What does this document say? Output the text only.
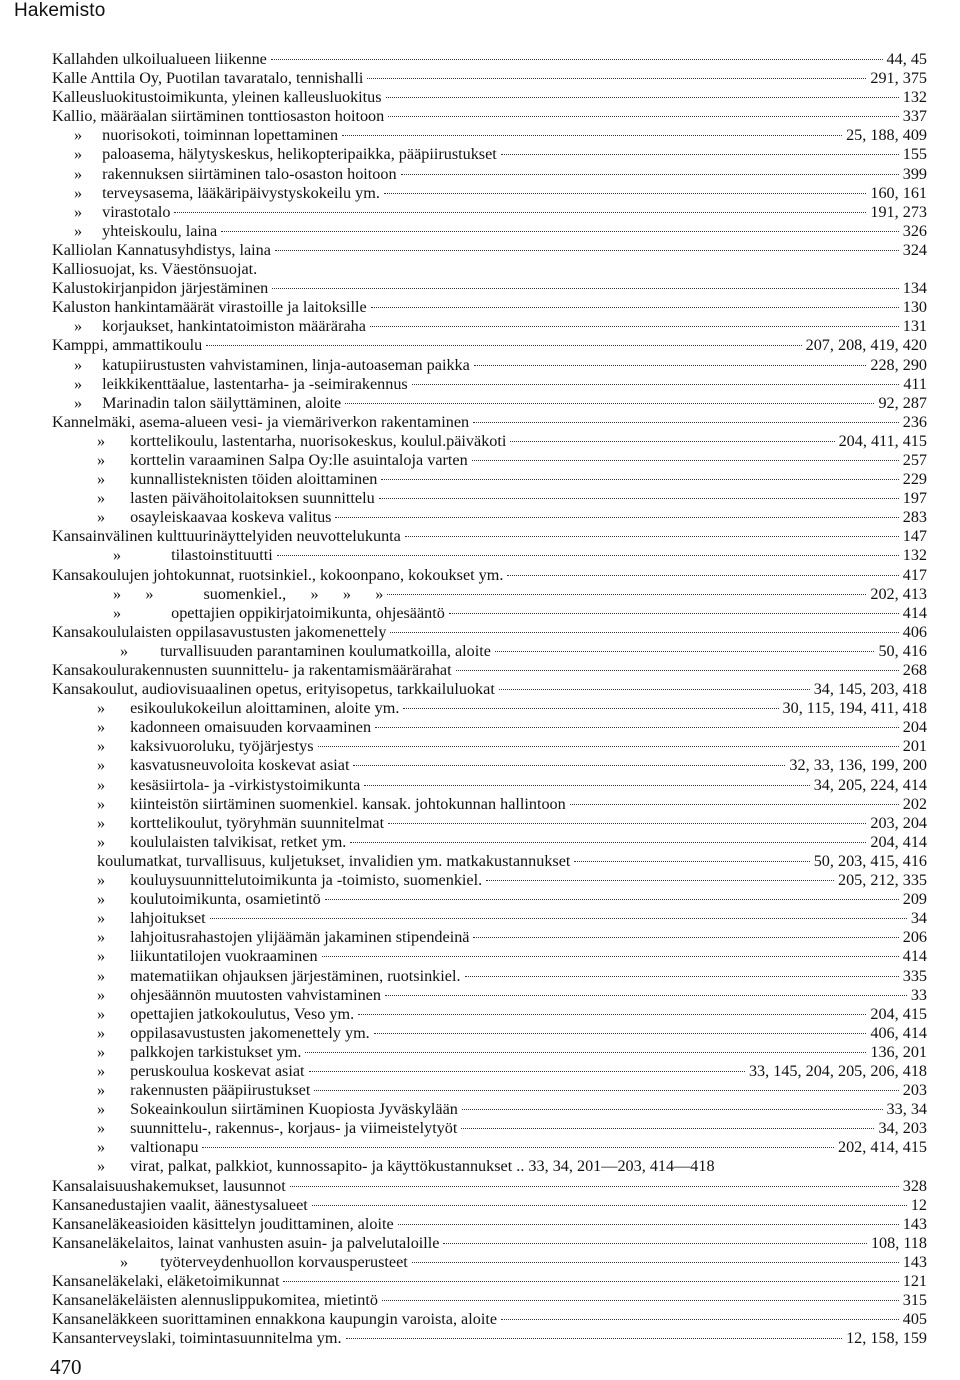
Hakemisto
Kallahden ulkoilualueen liikenne	44, 45
Kalle Anttila Oy, Puotilan tavaratalo, tennishalli	291, 375
Kalleusluokitustoimikunta, yleinen kalleusluokitus	132
Kallio, määräalan siirtäminen tonttiosaston hoitoon	337
» nuorisokoti, toiminnan lopettaminen	25, 188, 409
» paloasema, hälytyskeskus, helikopteripaikka, pääpiirustukset	155
» rakennuksen siirtäminen talo-osaston hoitoon	399
» terveysasema, lääkäripäivystyskokeilu ym.	160, 161
» virastotalo	191, 273
» yhteiskoulu, laina	326
Kalliolan Kannatusyhdistys, laina	324
Kalliosuojat, ks. Väestönsuojat.
Kalustokirjanpidon järjestäminen	134
Kaluston hankintamäärät virastoille ja laitoksille	130
» korjaukset, hankintatoimiston määräraha	131
Kamppi, ammattikoulu	207, 208, 419, 420
» katupiirustusten vahvistaminen, linja-autoaseman paikka	228, 290
» leikkikenttäalue, lastentarha- ja -seimirakennus	411
» Marinadin talon säilyttäminen, aloite	92, 287
Kannelmäki, asema-alueen vesi- ja viemäriverkon rakentaminen	236
» korttelikoulu, lastentarha, nuorisokeskus, koulul.päiväkoti	204, 411, 415
» korttelin varaaminen Salpa Oy:lle asuintaloja varten	257
» kunnallisteknisten töiden aloittaminen	229
» lasten päivähoitolaitoksen suunnittelu	197
» osayleiskaavaa koskeva valitus	283
Kansainvälinen kulttuurinäyttelyiden neuvottelukunta	147
»	tilastoinstituutti	132
Kansakoulujen johtokunnat, ruotsinkiel., kokoonpano, kokoukset ym.	417
»      »	suomenkiel.,      »      »      »	202, 413
»	opettajien oppikirjatoimikunta, ohjesääntö	414
Kansakoululaisten oppilasavustusten jakomenettely	406
» turvallisuuden parantaminen koulumatkoilla, aloite	50, 416
Kansakoulurakennusten suunnittelu- ja rakentamismäärärahat	268
Kansakoulut, audiovisuaalinen opetus, erityisopetus, tarkkailuluokat	34, 145, 203, 418
» esikoulukokeilun aloittaminen, aloite ym.	30, 115, 194, 411, 418
» kadonneen omaisuuden korvaaminen	204
» kaksivuoroluku, työjärjestys	201
» kasvatusneuvoloita koskevat asiat	32, 33, 136, 199, 200
» kesäsiirtola- ja -virkistystoimikunta	34, 205, 224, 414
» kiinteistön siirtäminen suomenkiel. kansak. johtokunnan hallintoon	202
» korttelikoulut, työryhmän suunnitelmat	203, 204
» koululaisten talvikisat, retket ym.	204, 414
koulumatkat, turvallisuus, kuljetukset, invalidien ym. matkakustannukset	50, 203, 415, 416
» kouluysuunnittelutoimikunta ja -toimisto, suomenkiel.	205, 212, 335
» koulutoimikunta, osamietintö	209
» lahjoitukset	34
» lahjoitusrahastojen ylijäämän jakaminen stipendeinä	206
» liikuntatilojen vuokraaminen	414
» matematiikan ohjauksen järjestäminen, ruotsinkiel.	335
» ohjesäännön muutosten vahvistaminen	33
» opettajien jatkokoulutus, Veso ym.	204, 415
» oppilasavustusten jakomenettely ym.	406, 414
» palkkojen tarkistukset ym.	136, 201
» peruskoulua koskevat asiat	33, 145, 204, 205, 206, 418
» rakennusten pääpiirustukset	203
» Sokeainkoulun siirtäminen Kuopiosta Jyväskylään	33, 34
» suunnittelu-, rakennus-, korjaus- ja viimeistelytyöt	34, 203
» valtionapu	202, 414, 415
» virat, palkat, palkkiot, kunnossapito- ja käyttökustannukset .. 33, 34, 201—203, 414—418
Kansalaisuushakemukset, lausunnot	328
Kansanedustajien vaalit, äänestysalueet	12
Kansaneläkeasioiden käsittelyn joudittaminen, aloite	143
Kansaneläkelaitos, lainat vanhusten asuin- ja palvelutaloille	108, 118
» työterveydenhuollon korvausperusteet	143
Kansaneläkelaki, eläketoimikunnat	121
Kansaneläkeläisten alennuslippukomitea, mietintö	315
Kansaneläkkeen suorittaminen ennakkona kaupungin varoista, aloite	405
Kansanterveyslaki, toimintasuunnitelma ym.	12, 158, 159
470
